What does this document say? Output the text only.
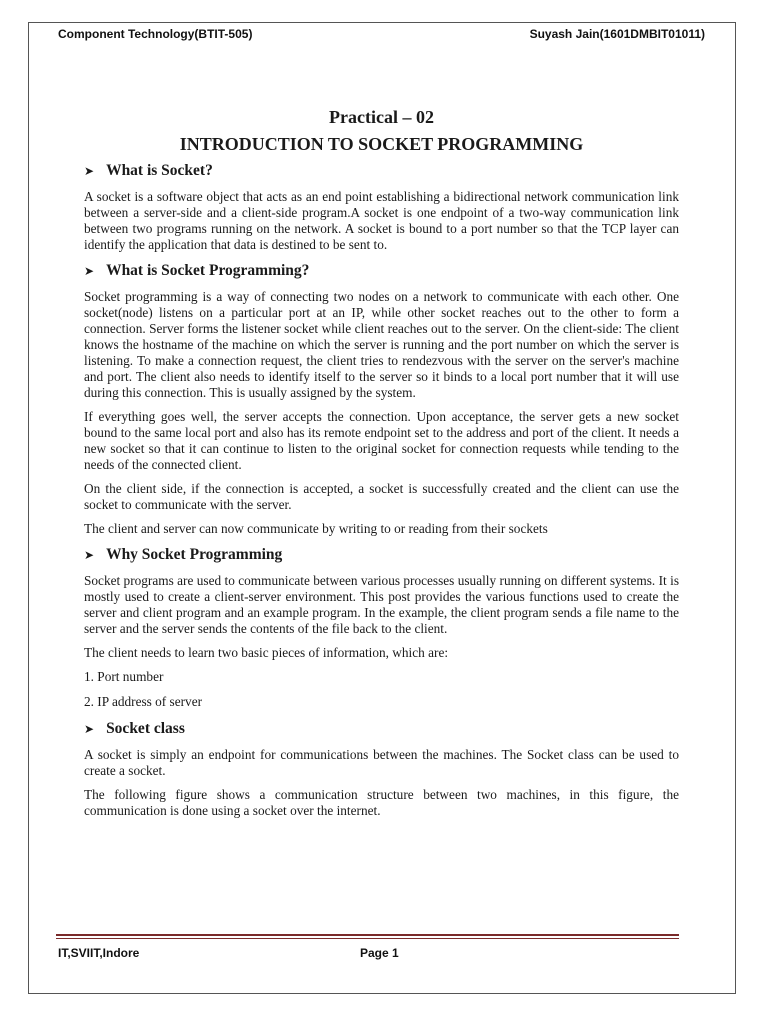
Component Technology(BTIT-505)	Suyash Jain(1601DMBIT01011)
Practical – 02
INTRODUCTION TO SOCKET PROGRAMMING
➤ What is Socket?

A socket is a software object that acts as an end point establishing a bidirectional network communication link between a server-side and a client-side program.A socket is one endpoint of a two-way communication link between two programs running on the network. A socket is bound to a port number so that the TCP layer can identify the application that data is destined to be sent to.

➤ What is Socket Programming?

Socket programming is a way of connecting two nodes on a network to communicate with each other. One socket(node) listens on a particular port at an IP, while other socket reaches out to the other to form a connection. Server forms the listener socket while client reaches out to the server. On the client-side: The client knows the hostname of the machine on which the server is running and the port number on which the server is listening. To make a connection request, the client tries to rendezvous with the server on the server's machine and port. The client also needs to identify itself to the server so it binds to a local port number that it will use during this connection. This is usually assigned by the system.

If everything goes well, the server accepts the connection. Upon acceptance, the server gets a new socket bound to the same local port and also has its remote endpoint set to the address and port of the client. It needs a new socket so that it can continue to listen to the original socket for connection requests while tending to the needs of the connected client.

On the client side, if the connection is accepted, a socket is successfully created and the client can use the socket to communicate with the server.

The client and server can now communicate by writing to or reading from their sockets

➤ Why Socket Programming

Socket programs are used to communicate between various processes usually running on different systems. It is mostly used to create a client-server environment. This post provides the various functions used to create the server and client program and an example program. In the example, the client program sends a file name to the server and the server sends the contents of the file back to the client.

The client needs to learn two basic pieces of information, which are:

1. Port number

2. IP address of server

➤ Socket class

A socket is simply an endpoint for communications between the machines. The Socket class can be used to create a socket.

The following figure shows a communication structure between two machines, in this figure, the communication is done using a socket over the internet.

IT,SVIIT,Indore	Page 1
